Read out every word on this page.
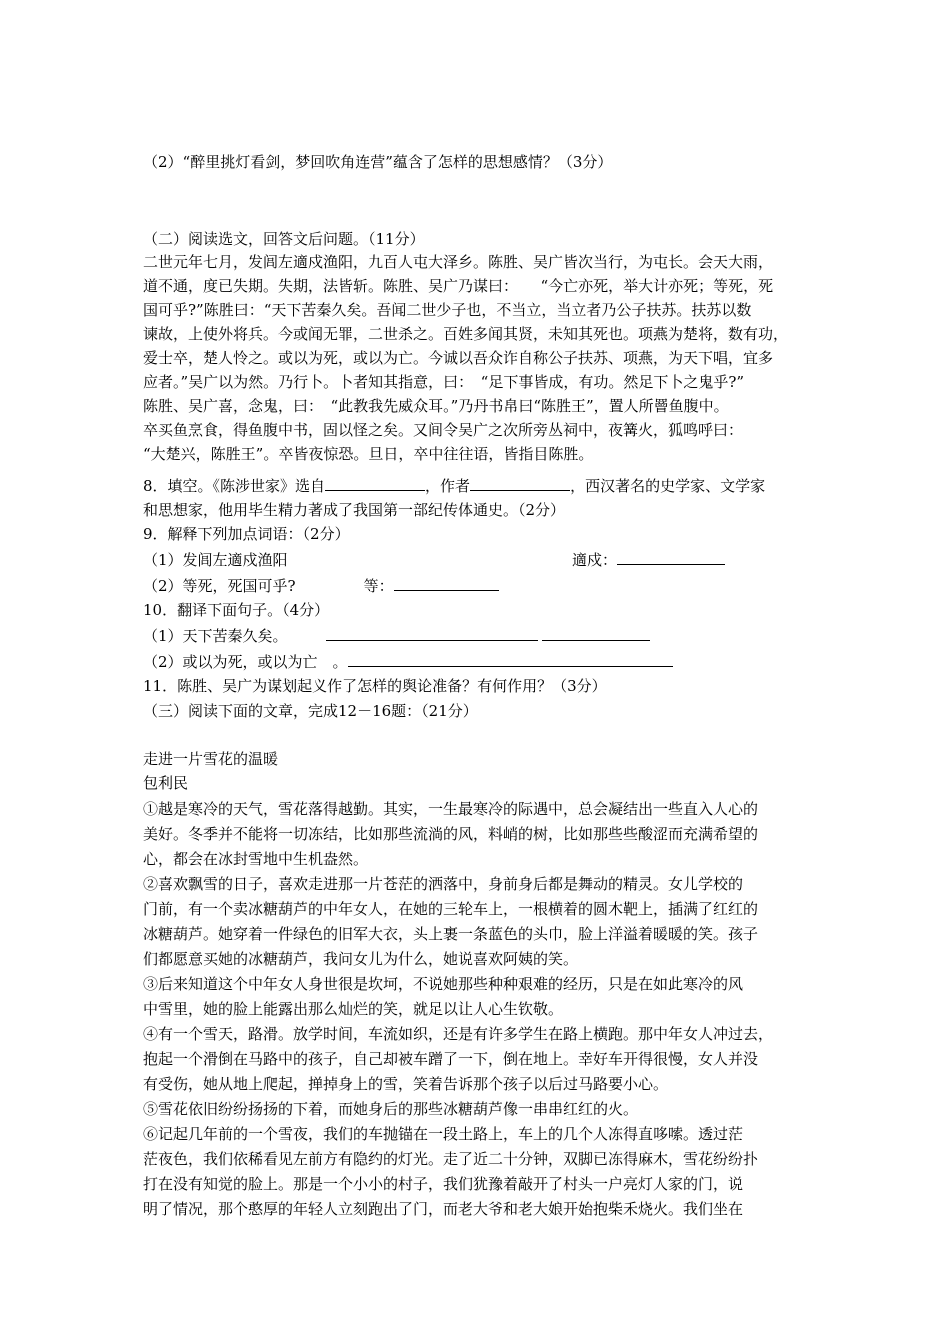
（2）“醉里挑灯看剑，梦回吹角连营”蕴含了怎样的思想感情？（3分）
（二）阅读选文，回答文后问题。（11分）
二世元年七月，发闾左適戍渔阳，九百人屯大泽乡。陈胜、吴广皆次当行，为屯长。会天大雨，
道不通，度已失期。失期，法皆斩。陈胜、吴广乃谋曰：　　“今亡亦死，举大计亦死；等死，死
国可乎?”陈胜曰：“天下苦秦久矣。吾闻二世少子也，不当立，当立者乃公子扶苏。扶苏以数
谏故，上使外将兵。今或闻无罪，二世杀之。百姓多闻其贤，未知其死也。项燕为楚将，数有功，
爱士卒，楚人怜之。或以为死，或以为亡。今诚以吾众诈自称公子扶苏、项燕，为天下唱，宜多
应者。”吴广以为然。乃行卜。卜者知其指意，曰：　“足下事皆成，有功。然足下卜之鬼乎?”
陈胜、吴广喜，念鬼，曰：　“此教我先威众耳。”乃丹书帛曰“陈胜王”，置人所罾鱼腹中。
卒买鱼烹食，得鱼腹中书，固以怪之矣。又间令吴广之次所旁丛祠中，夜篝火，狐鸣呼曰：
“大楚兴，陈胜王”。卒皆夜惊恐。旦日，卒中往往语，皆指目陈胜。
8．填空。《陈涉世家》选自	，作者	，西汉著名的史学家、文学家
和思想家，他用毕生精力著成了我国第一部纪传体通史。（2分）
9．解释下列加点词语：（2分）
（1）发闾左適戍渔阳	適戍：
（2）等死，死国可乎?	等：
10．翻译下面句子。（4分）
（1）天下苦秦久矣。
（2）或以为死，或以为亡　。
11．陈胜、吴广为谋划起义作了怎样的舆论准备？有何作用？（3分）
（三）阅读下面的文章，完成12－16题：（21分）
走进一片雪花的温暖
包利民
①越是寒冷的天气，雪花落得越勤。其实，一生最寒冷的际遇中，总会凝结出一些直入人心的
美好。冬季并不能将一切冻结，比如那些流淌的风，料峭的树，比如那些些酸涩而充满希望的
心，都会在冰封雪地中生机盎然。
②喜欢飘雪的日子，喜欢走进那一片苍茫的洒落中，身前身后都是舞动的精灵。女儿学校的
门前，有一个卖冰糖葫芦的中年女人，在她的三轮车上，一根横着的圆木靶上，插满了红红的
冰糖葫芦。她穿着一件绿色的旧军大衣，头上裹一条蓝色的头巾，脸上洋溢着暖暖的笑。孩子
们都愿意买她的冰糖葫芦，我问女儿为什么，她说喜欢阿姨的笑。
③后来知道这个中年女人身世很是坎坷，不说她那些种种艰难的经历，只是在如此寒冷的风
中雪里，她的脸上能露出那么灿烂的笑，就足以让人心生钦敬。
④有一个雪天，路滑。放学时间，车流如织，还是有许多学生在路上横跑。那中年女人冲过去，
抱起一个滑倒在马路中的孩子，自己却被车蹭了一下，倒在地上。幸好车开得很慢，女人并没
有受伤，她从地上爬起，掸掉身上的雪，笑着告诉那个孩子以后过马路要小心。
⑤雪花依旧纷纷扬扬的下着，而她身后的那些冰糖葫芦像一串串红红的火。
⑥记起几年前的一个雪夜，我们的车抛锚在一段土路上，车上的几个人冻得直哆嗦。透过茫
茫夜色，我们依稀看见左前方有隐约的灯光。走了近二十分钟，双脚已冻得麻木，雪花纷纷扑
打在没有知觉的脸上。那是一个小小的村子，我们犹豫着敲开了村头一户亮灯人家的门，说
明了情况，那个憨厚的年轻人立刻跑出了门，而老大爷和老大娘开始抱柴禾烧火。我们坐在
